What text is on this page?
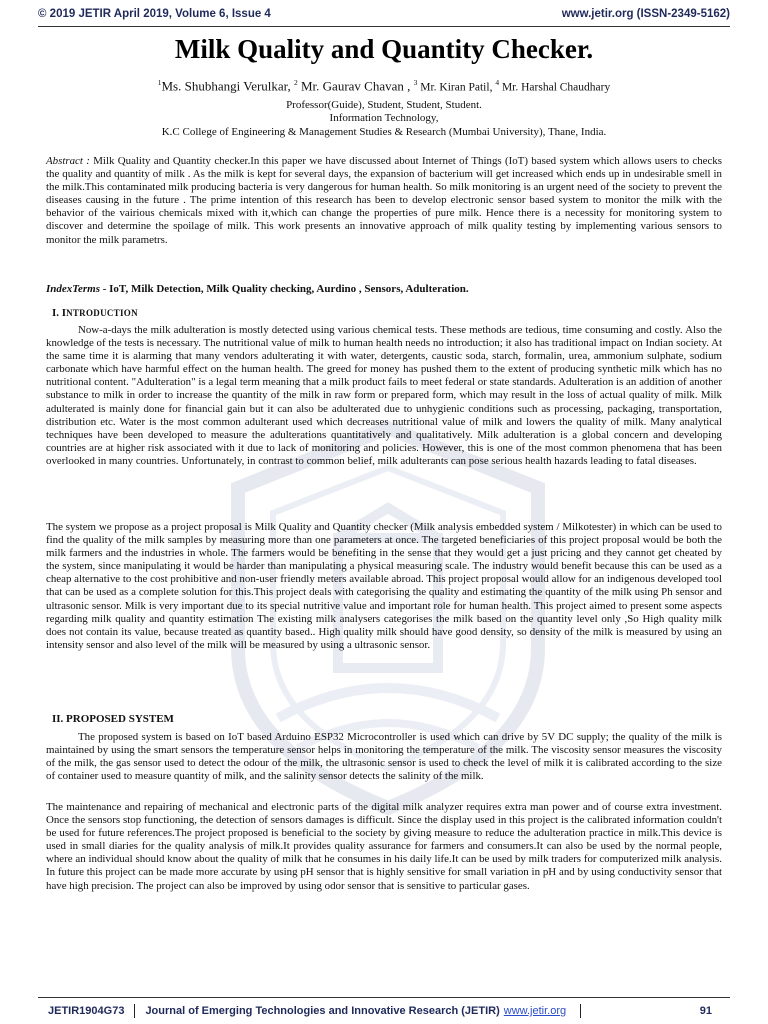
© 2019 JETIR April 2019, Volume 6, Issue 4	www.jetir.org (ISSN-2349-5162)
Milk Quality and Quantity Checker.
$^1$Ms. Shubhangi Verulkar, $^2$ Mr. Gaurav Chavan , $^3$ Mr. Kiran Patil, $^4$ Mr. Harshal Chaudhary
Professor(Guide), Student, Student, Student.
Information Technology,
K.C College of Engineering & Management Studies & Research (Mumbai University), Thane, India.
Abstract : Milk Quality and Quantity checker.In this paper we have discussed about Internet of Things (IoT) based system which allows users to checks the quality and quantity of milk . As the milk is kept for several days, the expansion of bacterium will get increased which ends up in undesirable smell in the milk.This contaminated milk producing bacteria is very dangerous for human health. So milk monitoring is an urgent need of the society to prevent the diseases causing in the future . The prime intention of this research has been to develop electronic sensor based system to monitor the milk with the behavior of the vairious chemicals mixed with it,which can change the properties of pure milk. Hence there is a necessity for monitoring system to discover and determine the spoilage of milk. This work presents an innovative approach of milk quality testing by implementing various sensors to monitor the milk parametrs.
IndexTerms - IoT, Milk Detection, Milk Quality checking, Aurdino , Sensors, Adulteration.
I. INTRODUCTION
Now-a-days the milk adulteration is mostly detected using various chemical tests. These methods are tedious, time consuming and costly. Also the knowledge of the tests is necessary. The nutritional value of milk to human health needs no introduction; it also has traditional impact on Indian society. At the same time it is alarming that many vendors adulterating it with water, detergents, caustic soda, starch, formalin, urea, ammonium sulphate, sodium carbonate which have harmful effect on the human health. The greed for money has pushed them to the extent of producing synthetic milk which has no nutritional content. "Adulteration" is a legal term meaning that a milk product fails to meet federal or state standards. Adulteration is an addition of another substance to milk in order to increase the quantity of the milk in raw form or prepared form, which may result in the loss of actual quality of milk. Milk adulterated is mainly done for financial gain but it can also be adulterated due to unhygienic conditions such as processing, packaging, transportation, distribution etc. Water is the most common adulterant used which decreases nutritional value of milk and lowers the quality of milk. Many analytical techniques have been developed to measure the adulterations quantitatively and qualitatively. Milk adulteration is a global concern and developing countries are at higher risk associated with it due to lack of monitoring and policies. However, this is one of the most common phenomena that has been overlooked in many countries. Unfortunately, in contrast to common belief, milk adulterants can pose serious health hazards leading to fatal diseases.
The system we propose as a project proposal is Milk Quality and Quantity checker (Milk analysis embedded system / Milkotester) in which can be used to find the quality of the milk samples by measuring more than one parameters at once. The targeted beneficiaries of this project proposal would be both the milk farmers and the industries in whole. The farmers would be benefiting in the sense that they would get a just pricing and they cannot get cheated by the system, since manipulating it would be harder than manipulating a physical measuring scale. The industry would benefit because this can be used as a cheap alternative to the cost prohibitive and non-user friendly meters available abroad. This project proposal would allow for an indigenous developed tool that can be used as a complete solution for this.This project deals with categorising the quality and estimating the quantity of the milk using Ph sensor and ultrasonic sensor. Milk is very important due to its special nutritive value and important role for human health. This project aimed to present some aspects regarding milk quality and quantity estimation The existing milk analysers categorises the milk based on the quantity level only ,So High quality milk does not contain its value, because treated as quantity based.. High quality milk should have good density, so density of the milk is measured by using an intensity sensor and also level of the milk will be measured by using a ultrasonic sensor.
II. PROPOSED SYSTEM
The proposed system is based on IoT based Arduino ESP32 Microcontroller is used which can drive by 5V DC supply; the quality of the milk is maintained by using the smart sensors the temperature sensor helps in monitoring the temperature of the milk. The viscosity sensor measures the viscosity of the milk, the gas sensor used to detect the odour of the milk, the ultrasonic sensor is used to check the level of milk it is calibrated according to the size of container used to measure quantity of milk, and the salinity sensor detects the salinity of the milk.
The maintenance and repairing of mechanical and electronic parts of the digital milk analyzer requires extra man power and of course extra investment. Once the sensors stop functioning, the detection of sensors damages is difficult. Since the display used in this project is the calibrated information couldn't be used for future references.The project proposed is beneficial to the society by giving measure to reduce the adulteration practice in milk.This device is used in small diaries for the quality analysis of milk.It provides quality assurance for farmers and consumers.It can also be used by the normal people, where an individual should know about the quality of milk that he consumes in his daily life.It can be used by milk traders for computerized milk analysis. In future this project can be made more accurate by using pH sensor that is highly sensitive for small variation in pH and by using conductivity sensor that have high precision. The project can also be improved by using odor sensor that is sensitive to particular gases.
JETIR1904G73 Journal of Emerging Technologies and Innovative Research (JETIR) www.jetir.org	91
